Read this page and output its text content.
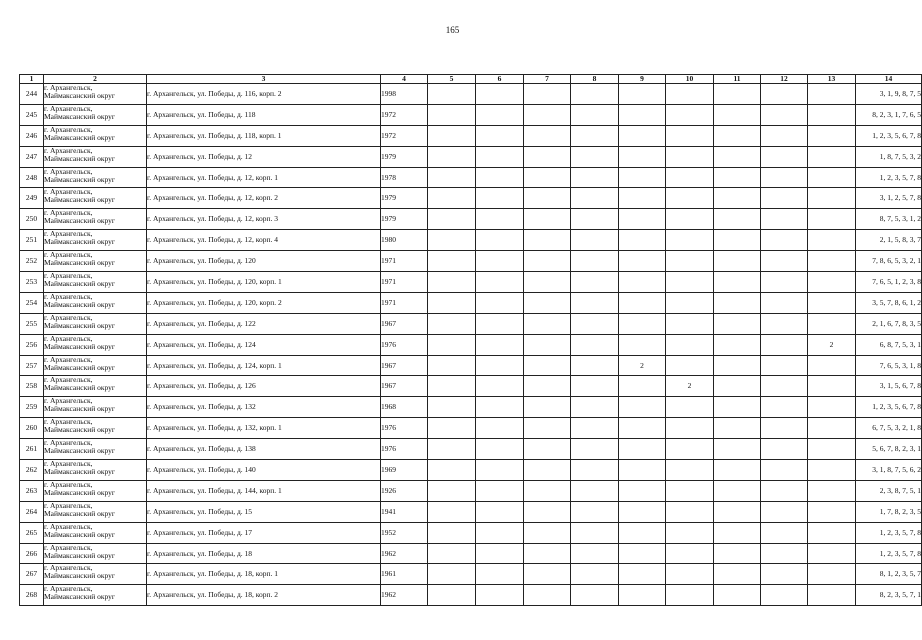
165
1	2	3	4	5	6	7	8	9	10	11	12	13	14
244	г. Архангельск,
Маймаксанский округ	г. Архангельск, ул. Победы, д. 116, корп. 2	1998										3, 1, 9, 8, 7, 5
245	г. Архангельск,
Маймаксанский округ	г. Архангельск, ул. Победы, д. 118	1972										8, 2, 3, 1, 7, 6, 5
246	г. Архангельск,
Маймаксанский округ	г. Архангельск, ул. Победы, д. 118, корп. 1	1972										1, 2, 3, 5, 6, 7, 8
247	г. Архангельск,
Маймаксанский округ	г. Архангельск, ул. Победы, д. 12	1979										1, 8, 7, 5, 3, 2
248	г. Архангельск,
Маймаксанский округ	г. Архангельск, ул. Победы, д. 12, корп. 1	1978										1, 2, 3, 5, 7, 8
249	г. Архангельск,
Маймаксанский округ	г. Архангельск, ул. Победы, д. 12, корп. 2	1979										3, 1, 2, 5, 7, 8
250	г. Архангельск,
Маймаксанский округ	г. Архангельск, ул. Победы, д. 12, корп. 3	1979										8, 7, 5, 3, 1, 2
251	г. Архангельск,
Маймаксанский округ	г. Архангельск, ул. Победы, д. 12, корп. 4	1980										2, 1, 5, 8, 3, 7
252	г. Архангельск,
Маймаксанский округ	г. Архангельск, ул. Победы, д. 120	1971										7, 8, 6, 5, 3, 2, 1
253	г. Архангельск,
Маймаксанский округ	г. Архангельск, ул. Победы, д. 120, корп. 1	1971										7, 6, 5, 1, 2, 3, 8
254	г. Архангельск,
Маймаксанский округ	г. Архангельск, ул. Победы, д. 120, корп. 2	1971										3, 5, 7, 8, 6, 1, 2
255	г. Архангельск,
Маймаксанский округ	г. Архангельск, ул. Победы, д. 122	1967										2, 1, 6, 7, 8, 3, 5
256	г. Архангельск,
Маймаксанский округ	г. Архангельск, ул. Победы, д. 124	1976									2	6, 8, 7, 5, 3, 1
257	г. Архангельск,
Маймаксанский округ	г. Архангельск, ул. Победы, д. 124, корп. 1	1967					2					7, 6, 5, 3, 1, 8
258	г. Архангельск,
Маймаксанский округ	г. Архангельск, ул. Победы, д. 126	1967						2				3, 1, 5, 6, 7, 8
259	г. Архангельск,
Маймаксанский округ	г. Архангельск, ул. Победы, д. 132	1968										1, 2, 3, 5, 6, 7, 8
260	г. Архангельск,
Маймаксанский округ	г. Архангельск, ул. Победы, д. 132, корп. 1	1976										6, 7, 5, 3, 2, 1, 8
261	г. Архангельск,
Маймаксанский округ	г. Архангельск, ул. Победы, д. 138	1976										5, 6, 7, 8, 2, 3, 1
262	г. Архангельск,
Маймаксанский округ	г. Архангельск, ул. Победы, д. 140	1969										3, 1, 8, 7, 5, 6, 2
263	г. Архангельск,
Маймаксанский округ	г. Архангельск, ул. Победы, д. 144, корп. 1	1926										2, 3, 8, 7, 5, 1
264	г. Архангельск,
Маймаксанский округ	г. Архангельск, ул. Победы, д. 15	1941										1, 7, 8, 2, 3, 5
265	г. Архангельск,
Маймаксанский округ	г. Архангельск, ул. Победы, д. 17	1952										1, 2, 3, 5, 7, 8
266	г. Архангельск,
Маймаксанский округ	г. Архангельск, ул. Победы, д. 18	1962										1, 2, 3, 5, 7, 8
267	г. Архангельск,
Маймаксанский округ	г. Архангельск, ул. Победы, д. 18, корп. 1	1961										8, 1, 2, 3, 5, 7
268	г. Архангельск,
Маймаксанский округ	г. Архангельск, ул. Победы, д. 18, корп. 2	1962										8, 2, 3, 5, 7, 1
